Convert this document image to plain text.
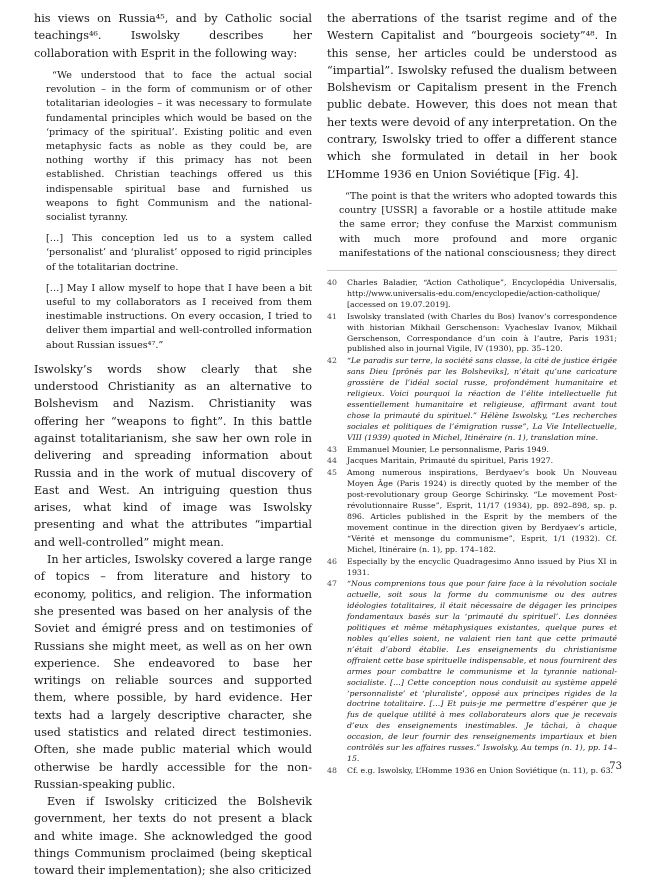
his views on Russia⁴⁵, and by Catholic social teachings⁴⁶. Iswolsky describes her collaboration with Esprit in the following way:

“We understood that to face the actual social revolution – in the form of communism or of other totalitarian ideologies – it was necessary to formulate fundamental principles which would be based on the ‘primacy of the spiritual’. Existing politic and even metaphysic facts as noble as they could be, are nothing worthy if this primacy has not been established. Christian teachings offered us this indispensable spiritual base and furnished us weapons to fight Communism and the national-socialist tyranny.

[…] This conception led us to a system called ‘personalist’ and ‘pluralist’ opposed to rigid principles of the totalitarian doctrine.

[…] May I allow myself to hope that I have been a bit useful to my collaborators as I received from them inestimable instructions. On every occasion, I tried to deliver them impartial and well-controlled information about Russian issues⁴⁷.”

Iswolsky’s words show clearly that she understood Christianity as an alternative to Bolshevism and Nazism. Christianity was offering her “weapons to fight”. In this battle against totalitarianism, she saw her own role in delivering and spreading information about Russia and in the work of mutual discovery of East and West. An intriguing question thus arises, what kind of image was Iswolsky presenting and what the attributes “impartial and well-controlled” might mean.

In her articles, Iswolsky covered a large range of topics – from literature and history to economy, politics, and religion. The information she presented was based on her analysis of the Soviet and émigré press and on testimonies of Russians she might meet, as well as on her own experience. She endeavored to base her writings on reliable sources and supported them, where possible, by hard evidence. Her texts had a largely descriptive character, she used statistics and related direct testimonies. Often, she made public material which would otherwise be hardly accessible for the non-Russian-speaking public.

Even if Iswolsky criticized the Bolshevik government, her texts do not present a black and white image. She acknowledged the good things Communism proclaimed (being skeptical toward their implementation); she also criticized

the aberrations of the tsarist regime and of the Western Capitalist and “bourgeois society”⁴⁸. In this sense, her articles could be understood as “impartial”. Iswolsky refused the dualism between Bolshevism or Capitalism present in the French public debate. However, this does not mean that her texts were devoid of any interpretation. On the contrary, Iswolsky tried to offer a different stance which she formulated in detail in her book L’Homme 1936 en Union Soviétique [Fig. 4].

“The point is that the writers who adopted towards this country [USSR] a favorable or a hostile attitude make the same error; they confuse the Marxist communism with much more profound and more organic manifestations of the national consciousness; they direct

40	Charles Baladier, “Action Catholique”, Encyclopédia Universalis, http://www.universalis-edu.com/encyclopedie/action-catholique/ [accessed on 19.07.2019].
41	Iswolsky translated (with Charles du Bos) Ivanov’s correspondence with historian Mikhail Gerschenson: Vyacheslav Ivanov, Mikhail Gerschenson, Correspondance d’un coin à l’autre, Paris 1931; published also in journal Vigile, IV (1930), pp. 35–120.
42	“Le paradis sur terre, la société sans classe, la cité de justice érigée sans Dieu [prônés par les Bolsheviks], n’était qu’une caricature grossière de l’idéal social russe, profondément humanitaire et religieux. Voici pourquoi la réaction de l’élite intellectuelle fut essentiellement humanitaire et religieuse, affirmant avant tout chose la primauté du spirituel.” Hélène Iswolsky, “Les recherches sociales et politiques de l’émigration russe”, La Vie Intellectuelle, VIII (1939) quoted in Michel, Itinéraire (n. 1), translation mine.
43	Emmanuel Mounier, Le personnalisme, Paris 1949.
44	Jacques Maritain, Primauté du spirituel, Paris 1927.
45	Among numerous inspirations, Berdyaev’s book Un Nouveau Moyen Âge (Paris 1924) is directly quoted by the member of the post-revolutionary group George Schirinsky. “Le movement Post-révolutionnaire Russe”, Esprit, 11/17 (1934), pp. 892–898, sp. p. 896. Articles published in the Esprit by the members of the movement continue in the direction given by Berdyaev’s article, “Vérité et mensonge du communisme”, Esprit, 1/1 (1932). Cf. Michel, Itinéraire (n. 1), pp. 174–182.
46	Especially by the encyclic Quadragesimo Anno issued by Pius XI in 1931.
47	“Nous comprenions tous que pour faire face à la révolution sociale actuelle, soit sous la forme du communisme ou des autres idéologies totalitaires, il était nécessaire de dégager les principes fondamentaux basés sur la ‘primauté du spirituel’. Les données politiques et même métaphysiques existantes, quelque pures et nobles qu’elles soient, ne valaient rien tant que cette primauté n’était d’abord établie. Les enseignements du christianisme offraient cette base spirituelle indispensable, et nous fournirent des armes pour combattre le communisme et la tyrannie national-socialiste. […] Cette conception nous conduisit au système appelé ‘personnaliste’ et ‘pluraliste’, opposé aux principes rigides de la doctrine totalitaire. […] Et puis-je me permettre d’espérer que je fus de quelque utilité à mes collaborateurs alors que je recevais d’eux des enseignements inestimables. Je tâchai, à chaque occasion, de leur fournir des renseignements impartiaux et bien contrôlés sur les affaires russes.” Iswolsky, Au temps (n. 1), pp. 14–15.
48	Cf. e.g. Iswolsky, L’Homme 1936 en Union Soviétique (n. 11), p. 63.
73
